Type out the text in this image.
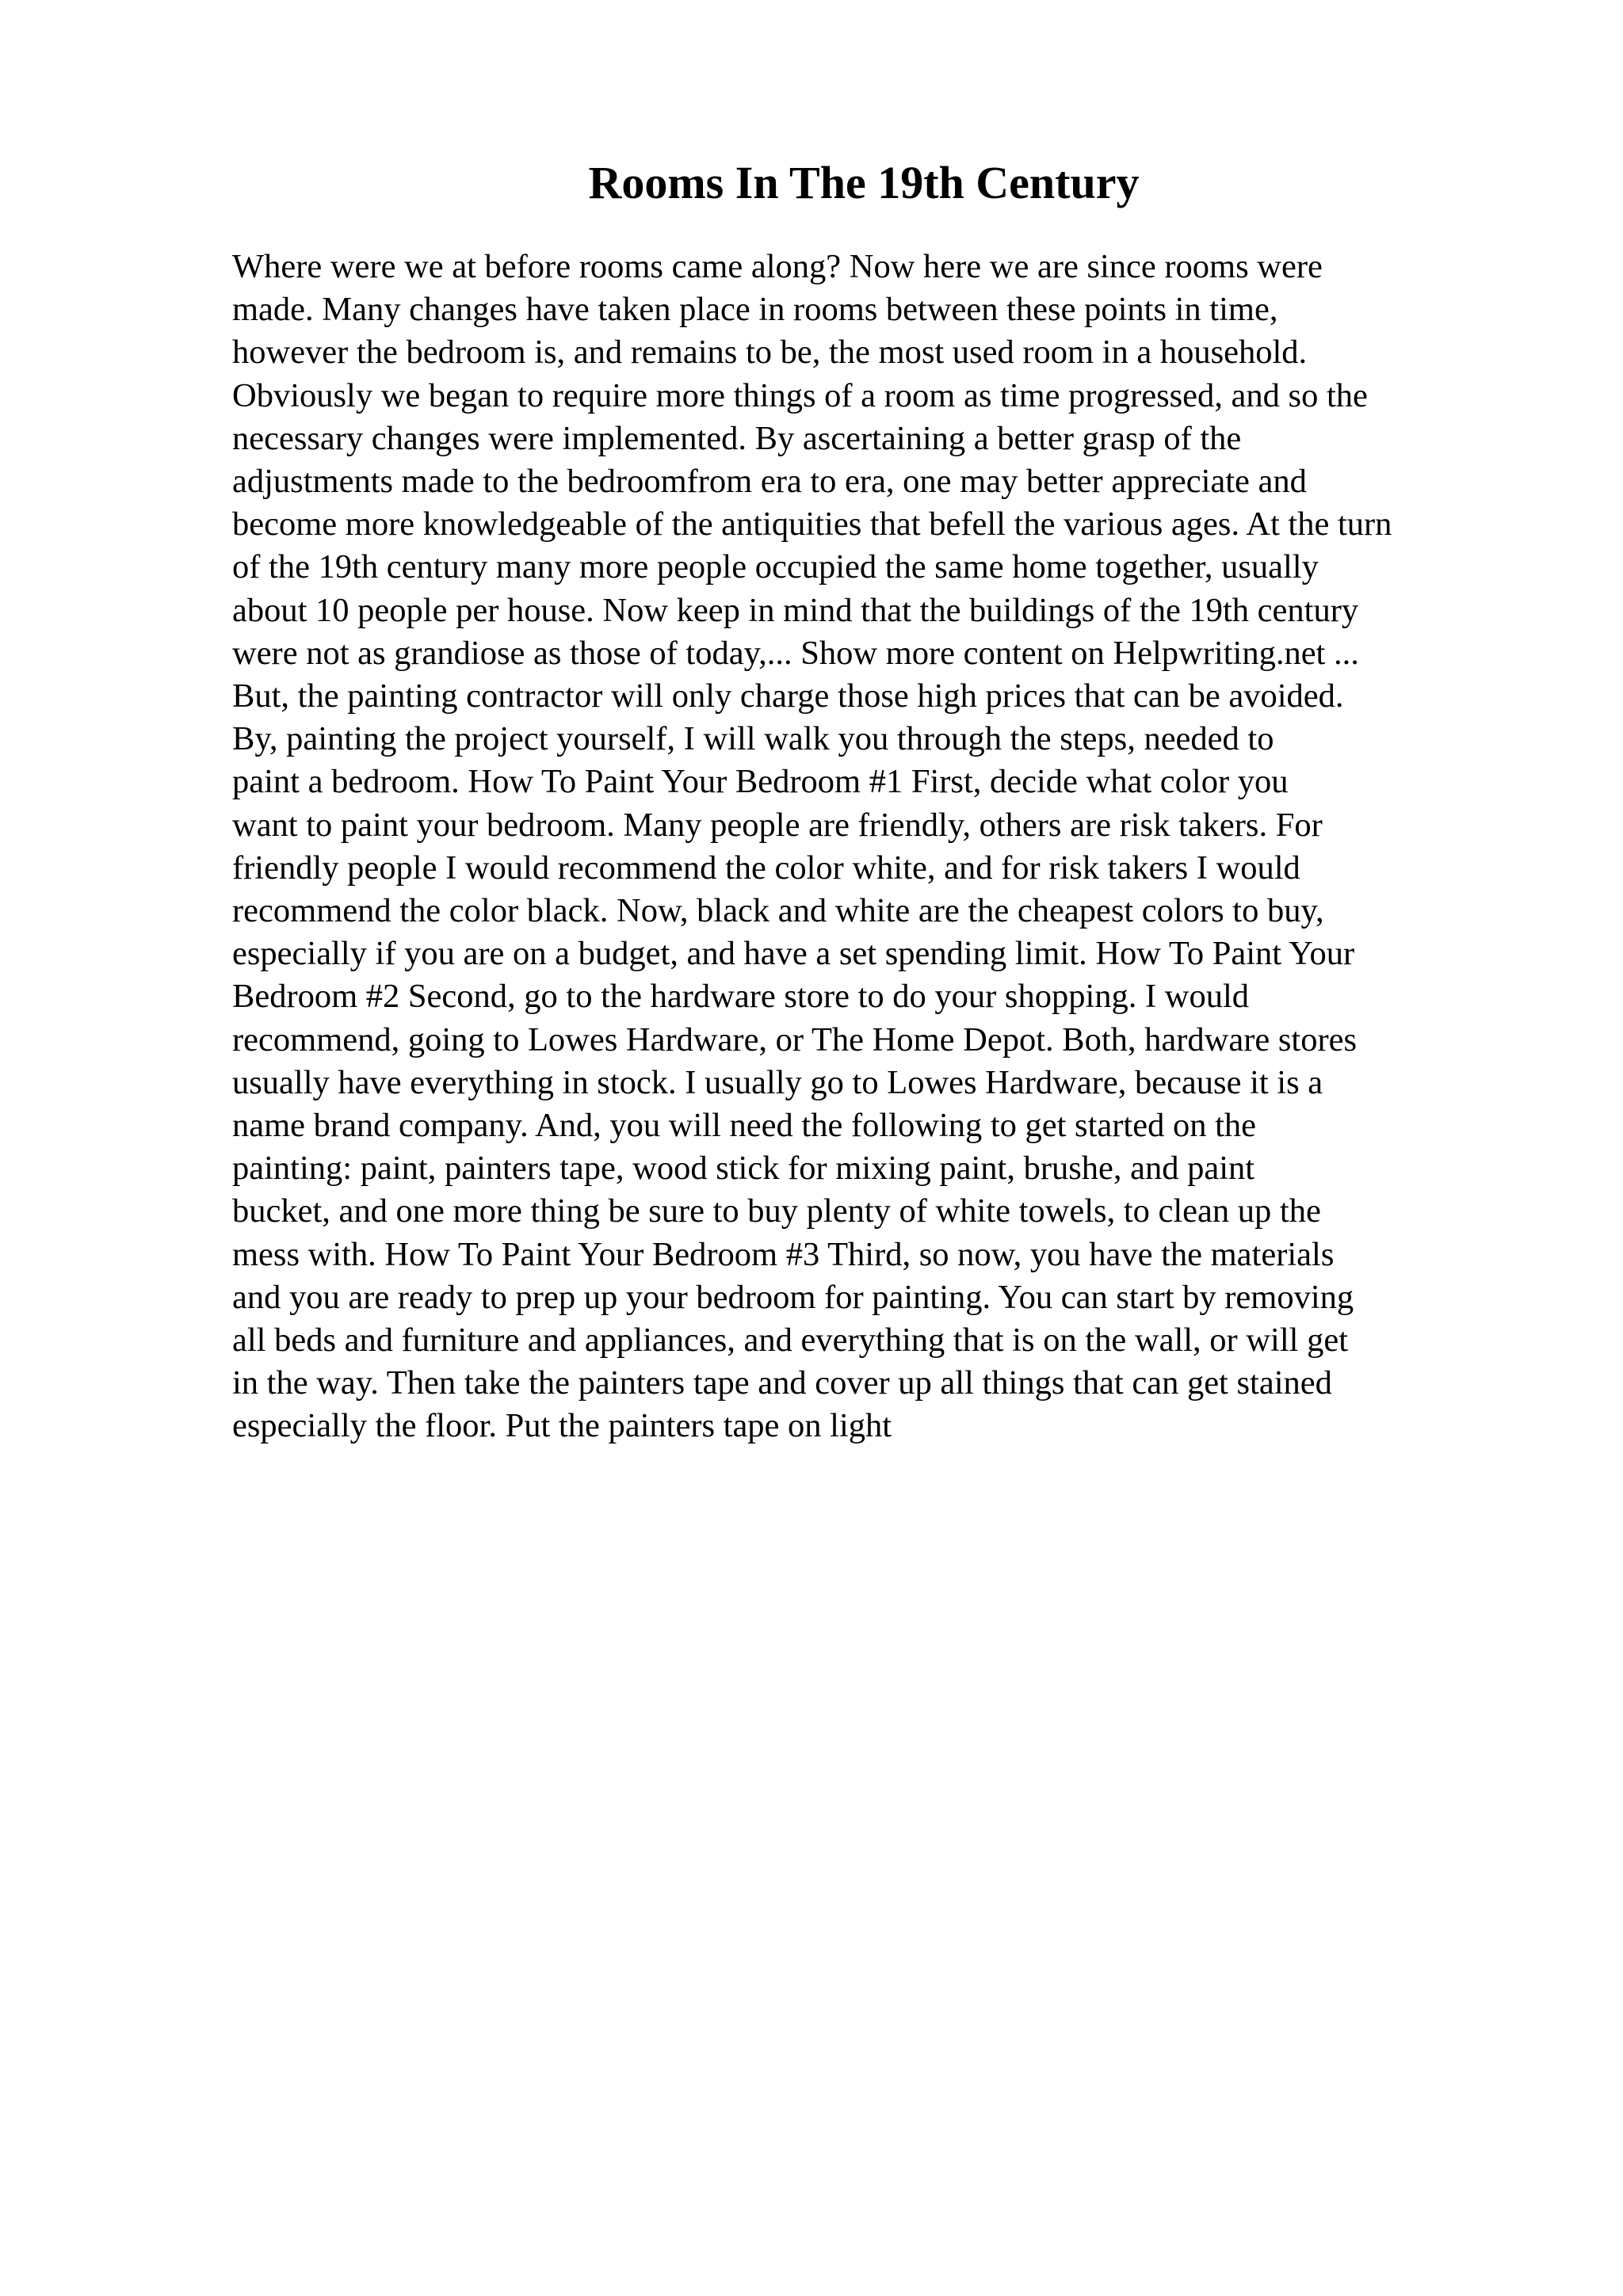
Rooms In The 19th Century
Where were we at before rooms came along? Now here we are since rooms were
made. Many changes have taken place in rooms between these points in time,
however the bedroom is, and remains to be, the most used room in a household.
Obviously we began to require more things of a room as time progressed, and so the
necessary changes were implemented. By ascertaining a better grasp of the
adjustments made to the bedroomfrom era to era, one may better appreciate and
become more knowledgeable of the antiquities that befell the various ages. At the turn
of the 19th century many more people occupied the same home together, usually
about 10 people per house. Now keep in mind that the buildings of the 19th century
were not as grandiose as those of today,... Show more content on Helpwriting.net ...
But, the painting contractor will only charge those high prices that can be avoided.
By, painting the project yourself, I will walk you through the steps, needed to
paint a bedroom. How To Paint Your Bedroom #1 First, decide what color you
want to paint your bedroom. Many people are friendly, others are risk takers. For
friendly people I would recommend the color white, and for risk takers I would
recommend the color black. Now, black and white are the cheapest colors to buy,
especially if you are on a budget, and have a set spending limit. How To Paint Your
Bedroom #2 Second, go to the hardware store to do your shopping. I would
recommend, going to Lowes Hardware, or The Home Depot. Both, hardware stores
usually have everything in stock. I usually go to Lowes Hardware, because it is a
name brand company. And, you will need the following to get started on the
painting: paint, painters tape, wood stick for mixing paint, brushe, and paint
bucket, and one more thing be sure to buy plenty of white towels, to clean up the
mess with. How To Paint Your Bedroom #3 Third, so now, you have the materials
and you are ready to prep up your bedroom for painting. You can start by removing
all beds and furniture and appliances, and everything that is on the wall, or will get
in the way. Then take the painters tape and cover up all things that can get stained
especially the floor. Put the painters tape on light
